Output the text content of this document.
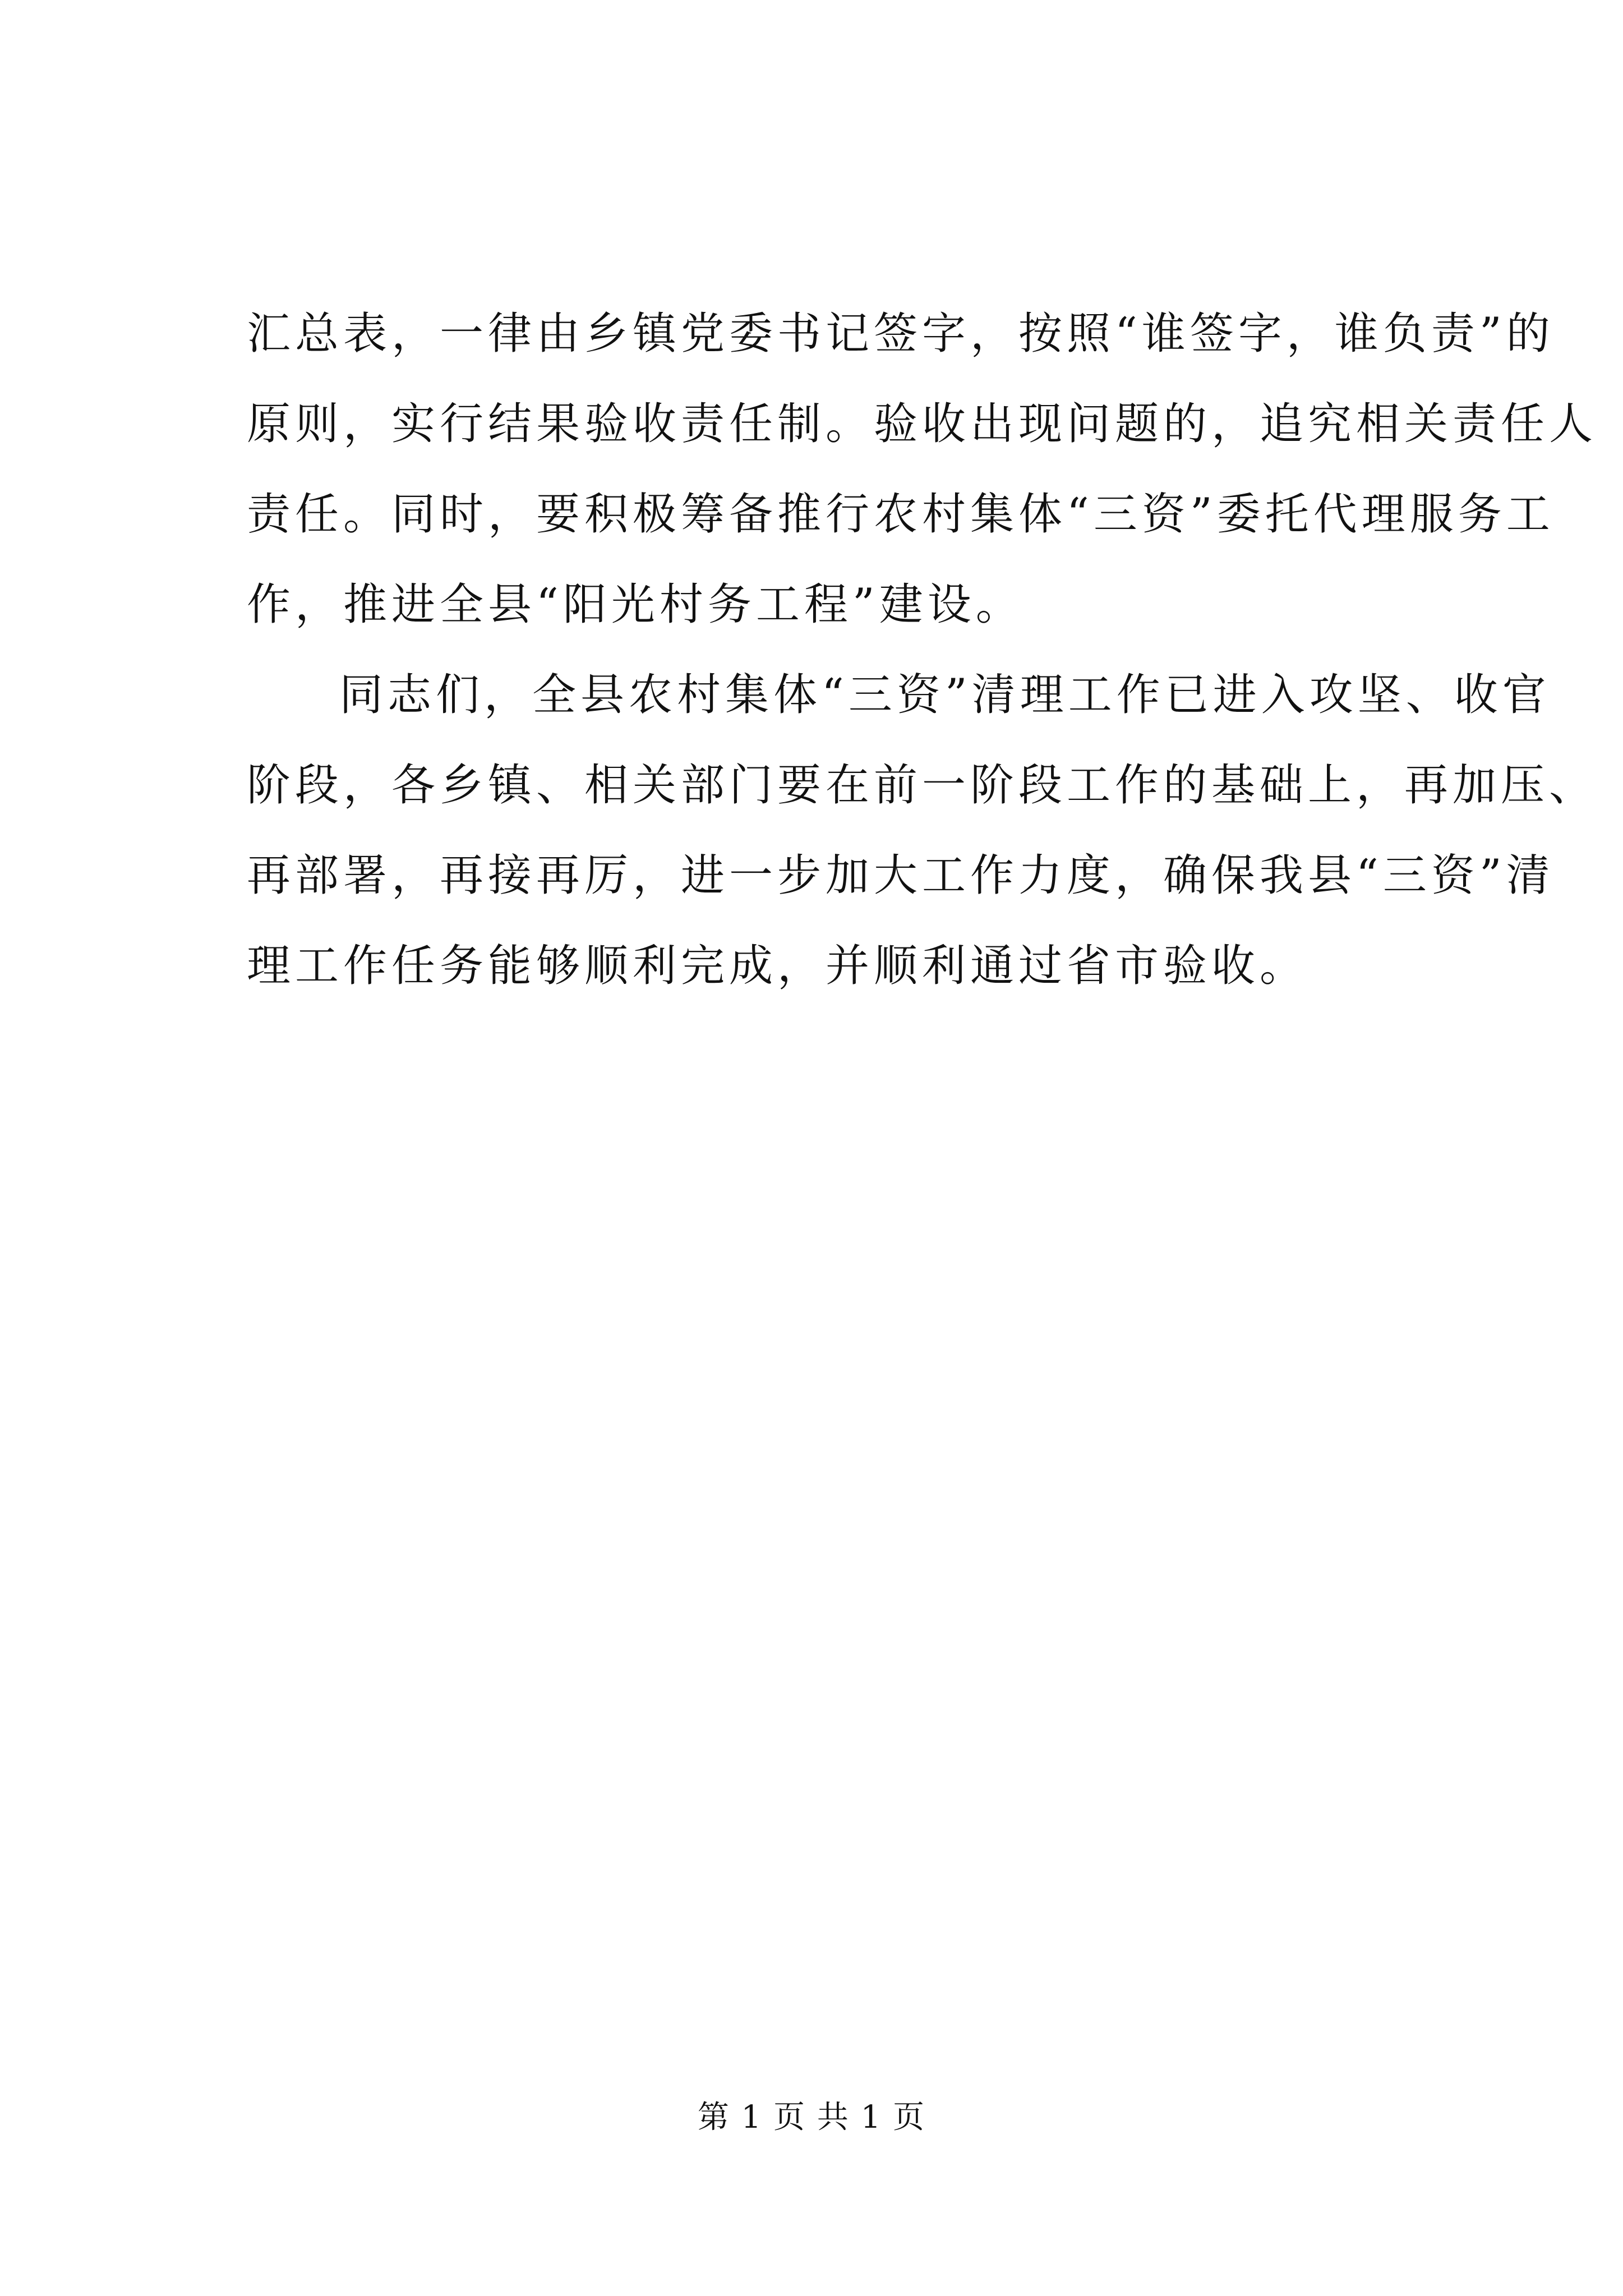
汇总表，一律由乡镇党委书记签字，按照“谁签字，谁负责”的
原则，实行结果验收责任制。验收出现问题的，追究相关责任人
责任。同时，要积极筹备推行农村集体“三资”委托代理服务工
作，推进全县“阳光村务工程”建设。
同志们，全县农村集体“三资”清理工作已进入攻坚、收官
阶段，各乡镇、相关部门要在前一阶段工作的基础上，再加压、
再部署，再接再厉，进一步加大工作力度，确保我县“三资”清
理工作任务能够顺利完成，并顺利通过省市验收。
第 1 页 共 1 页
